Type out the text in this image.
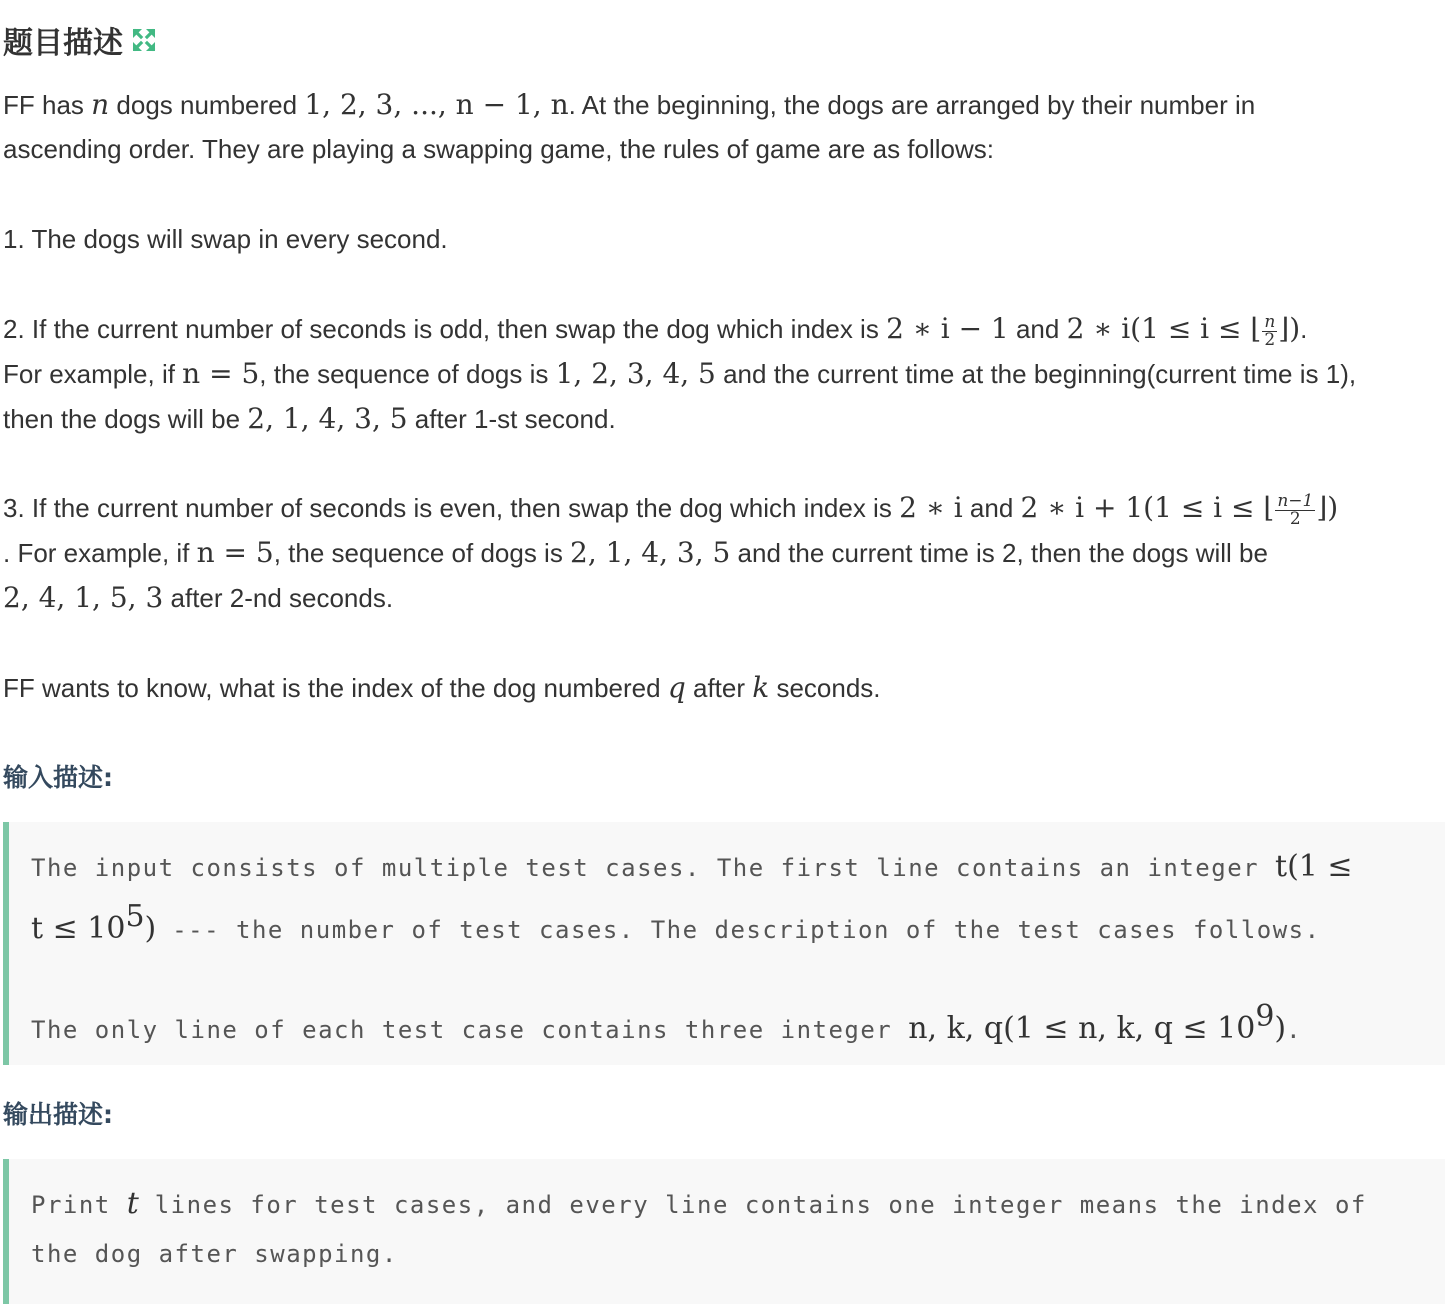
题目描述
FF has n dogs numbered 1, 2, 3, ..., n − 1, n. At the beginning, the dogs are arranged by their number in
ascending order. They are playing a swapping game, the rules of game are as follows:
1. The dogs will swap in every second.
2. If the current number of seconds is odd, then swap the dog which index is 2 ∗ i − 1 and 2 ∗ i(1 ≤ i ≤ ⌊ $\frac{n}{2}$ ⌋).
For example, if n = 5, the sequence of dogs is 1, 2, 3, 4, 5 and the current time at the beginning(current time is 1),
then the dogs will be 2, 1, 4, 3, 5 after 1-st second.
3. If the current number of seconds is even, then swap the dog which index is 2 ∗ i and 2 ∗ i + 1(1 ≤ i ≤ ⌊ $\frac{n-1}{2}$ ⌋)
. For example, if n = 5, the sequence of dogs is 2, 1, 4, 3, 5 and the current time is 2, then the dogs will be
2, 4, 1, 5, 3 after 2-nd seconds.
FF wants to know, what is the index of the dog numbered q after k seconds.
输入描述:
The input consists of multiple test cases. The first line contains an integer t(1 ≤
t ≤ 105) --- the number of test cases. The description of the test cases follows.
The only line of each test case contains three integer n, k, q(1 ≤ n, k, q ≤ 109).
输出描述:
Print t lines for test cases, and every line contains one integer means the index of
the dog after swapping.
